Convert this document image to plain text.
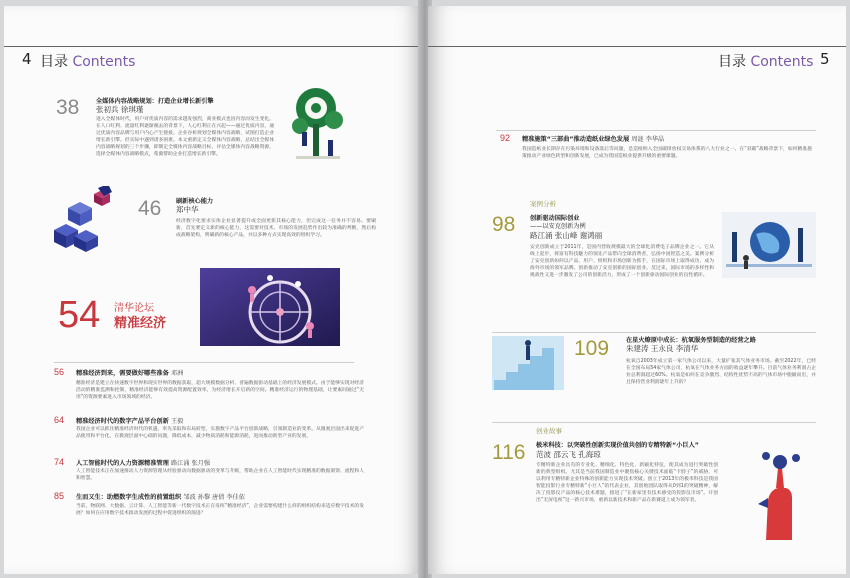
4 目录 Contents
38	全媒体内容战略规划：打造企业增长新引擎
张初兵 徐琪瑾
进入全媒体时代，用户对优质内容的需求越发强烈，商业模式也因内容而发生变化。在人口红利、流量红利逐渐褪去的背景下，人心红利正在兴起——通过优质内容，通过优质内容品牌与用户内心产生链接。企业谷析规划全媒体内容战略，试图打造企业增长新引擎。但实际中遇到诸多困难。本文重新定义全媒体内容战略，总结出全媒体内容战略规划的三个步骤，即制定全媒体内容战略目标，评估全媒体内容战略资源，选择全媒体内容战略模式，希冀帮助企业打造增长新引擎。
46 刷新核心能力
郑中华
经济数字化要求实体企业显著提升或全面更新其核心能力，但完成这一任务并不容易。要刷新，首先要定义新的核心能力，这需要对技术、市场的发展趋势作出较为准确的判断，然后构成战略架构，明确新的核心产品，并以多种方式实现高效的组织学习。
54 清华论坛
精准经济
56 精准经济到来，需要做好哪些准备 邓洲
精准经济是建立在快速数字世界和现实世界的数据获取，超大规模数据分析、普遍数据驱动基础上的经济发展模式。由于能够实现对经济活动的精准监测和控制，精准经济能够有效提高资源配置效率，为经济增长开启新的空间。精准经济运行的物理基础，让要素间通过“无用”的资源要素进入市场领域的经济。
64 精准经济时代的数字产品平台创新 王毅
我国企业可以抓住精准经济时代的机遇，率先采取和布局转型，实施数字产品平台创新战略，引领制造业的变革。从微观层面出来促进产品使用和平台化，在微观层面中心础的问题，降低成本，减少物质消耗和能源消耗，进而推动新型产业的发展。
74 人工智能时代的人力资源精准管理 路江涌 张月强
人工智能技术正在加速推动人力资源管理从经验驱动向数据驱动的变革与升级，帮助企业在人工智能时代实现精准的数据洞察、流程和人和智慧。
85 生而又生：助燃数字生成性的前置组织 邹波 孙黎 唐倩 李佳依
当前，物联网、大数据、云计算、人工智能等新一代数字技术正在发挥“精准经济”，企业需要构建什么样的组织结构来适应数字技术的发展？如何在应用数字技术推动发展的过程中促进组织的演进？
目录 Contents 5
92 精准施策“三部曲”推动造纸业绿色发展 周涟 李华晶
我国造纸业长期存在污染环境和设备落后等问题，是造纸纳入全国碳排放权交易体系的八大行业之一。在“双碳”战略背景下，如何精准施策推动产业绿色转型和创新发展，已成为我国造纸业提供升级的重要课题。
案例分析
98 创新驱动国际创业
——以安克创新为例
路江涌 张山峰 谢鸿丽
安克创新成立于2011年，是国内营收规模最大的全球化消费电子品牌企业之一。它从线上起步，将富有科技魅力的领先产品带向全球消费者，弘扬中国智造之美。案例分析了安克创新如何以产品、用户、组织和市场创新为抓手，在国际市场上取得成功，成为海外市场的领军品牌。创新推动了安克创新的国际创业。反过来，国际市场的多样性和挑战性又进一步激发了公司的创新活力，形成了一个创新驱动国际创业的良性循环。
109	在星火燎原中成长：杭氧服务型制造的经营之路
朱建涛 王永良 李清华
杭氧自2003年成立第一家气体公司以来，大量扩张其气体业务市场。截至2022年，已经在全国布局54家气体公司，杭氧在气体业务方面的收益逐年攀升。目前气体业务利润占企业总利润超过60%。杭氧是如何在竞争激烈、结构性优势不高的气体市场中脱颖而出，并且保持营业利润逐年上升的？
创业故事
116 极米科技：以突破性创新实现价值共创的专精特新“小巨人”
范波 邵云飞 孔海琼
专精特新企业具有的专业化、精细化、特色化、新颖化特征，使其成为进行突破性创新的典型组织。尤其是当前我国制造业中聚焦核心关键技术面临“卡脖子”的威胁，可以利用专精特新企业特殊的创新能力实现技术突破。创立于2013年的极米科技是我国智能投影行业专精特新“小巨人”的代表企业，其创始团队取得从0到1的突破精神，解决了投影仪产品的核心技术难题，推进了“在新家里有技术感受的投影仪市场”。开创出“无屏电视”这一新兴市场，重新以新技术和新产品在新赛道上成为领军者。
